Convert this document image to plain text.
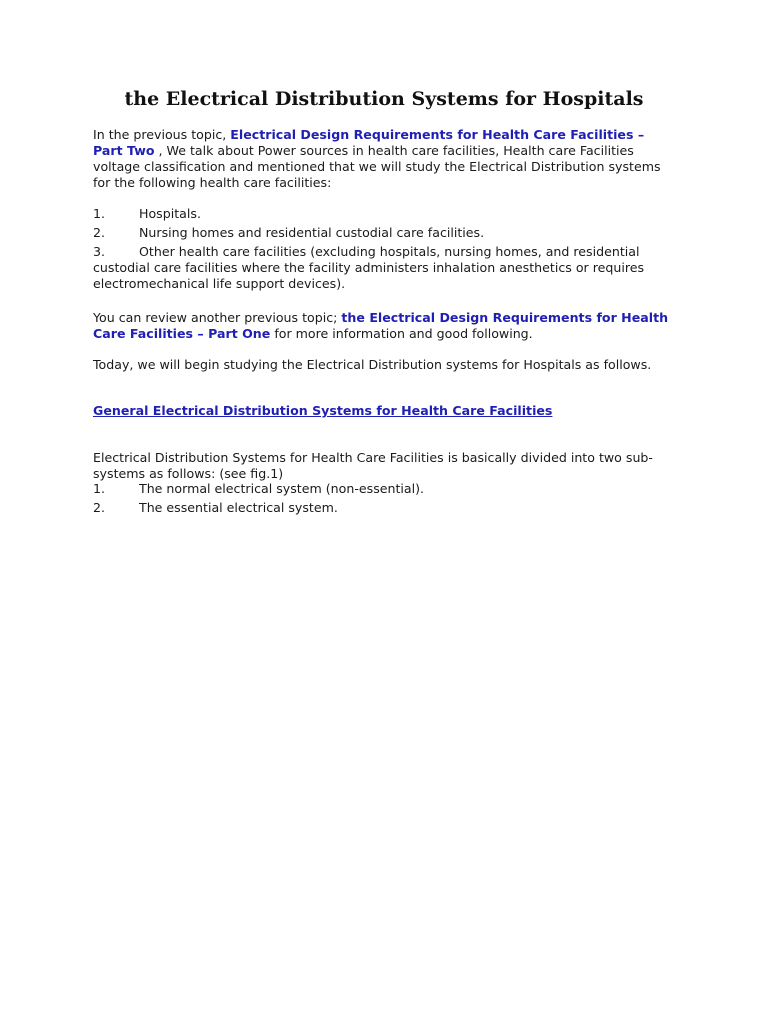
the Electrical Distribution Systems for Hospitals
In the previous topic, Electrical Design Requirements for Health Care Facilities – Part Two , We talk about Power sources in health care facilities, Health care Facilities voltage classification and mentioned that we will study the Electrical Distribution systems for the following health care facilities:
1.	Hospitals.
2.	Nursing homes and residential custodial care facilities.
3.	Other health care facilities (excluding hospitals, nursing homes, and residential custodial care facilities where the facility administers inhalation anesthetics or requires electromechanical life support devices).
You can review another previous topic; the Electrical Design Requirements for Health Care Facilities – Part One for more information and good following.
Today, we will begin studying the Electrical Distribution systems for Hospitals as follows.
General Electrical Distribution Systems for Health Care Facilities
Electrical Distribution Systems for Health Care Facilities is basically divided into two sub-systems as follows: (see fig.1)
1.	The normal electrical system (non-essential).
2.	The essential electrical system.
